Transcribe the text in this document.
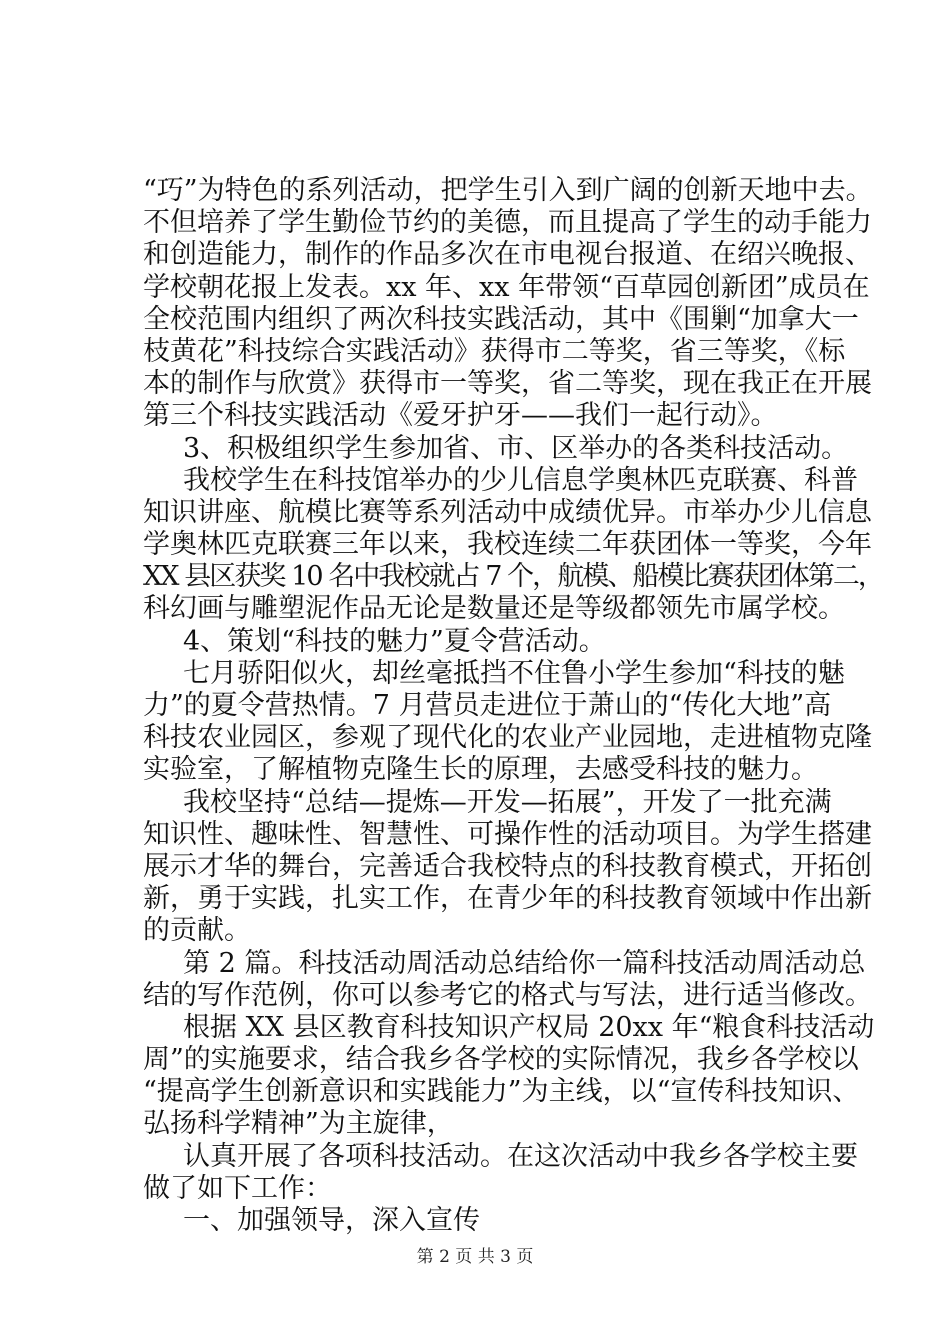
“巧”为特色的系列活动，把学生引入到广阔的创新天地中去。
不但培养了学生勤俭节约的美德，而且提高了学生的动手能力
和创造能力，制作的作品多次在市电视台报道、在绍兴晚报、
学校朝花报上发表。xx 年、xx 年带领“百草园创新团”成员在
全校范围内组织了两次科技实践活动，其中《围剿“加拿大一
枝黄花”科技综合实践活动》获得市二等奖，省三等奖，《标
本的制作与欣赏》获得市一等奖，省二等奖，现在我正在开展
第三个科技实践活动《爱牙护牙——我们一起行动》。
3、积极组织学生参加省、市、区举办的各类科技活动。
我校学生在科技馆举办的少儿信息学奥林匹克联赛、科普
知识讲座、航模比赛等系列活动中成绩优异。市举办少儿信息
学奥林匹克联赛三年以来，我校连续二年获团体一等奖，今年
XX 县区获奖 10 名中我校就占 7 个，航模、船模比赛获团体第二，
科幻画与雕塑泥作品无论是数量还是等级都领先市属学校。
4、策划“科技的魅力”夏令营活动。
七月骄阳似火，却丝毫抵挡不住鲁小学生参加“科技的魅
力”的夏令营热情。7 月营员走进位于萧山的“传化大地”高
科技农业园区，参观了现代化的农业产业园地，走进植物克隆
实验室，了解植物克隆生长的原理，去感受科技的魅力。
我校坚持“总结—提炼—开发—拓展”，开发了一批充满
知识性、趣味性、智慧性、可操作性的活动项目。为学生搭建
展示才华的舞台，完善适合我校特点的科技教育模式，开拓创
新，勇于实践，扎实工作，在青少年的科技教育领域中作出新
的贡献。
第 2 篇。科技活动周活动总结给你一篇科技活动周活动总
结的写作范例，你可以参考它的格式与写法，进行适当修改。
根据 XX 县区教育科技知识产权局 20xx 年“粮食科技活动
周”的实施要求，结合我乡各学校的实际情况，我乡各学校以
“提高学生创新意识和实践能力”为主线，以“宣传科技知识、
弘扬科学精神”为主旋律，
认真开展了各项科技活动。在这次活动中我乡各学校主要
做了如下工作：
一、加强领导，深入宣传
第 2 页 共 3 页
